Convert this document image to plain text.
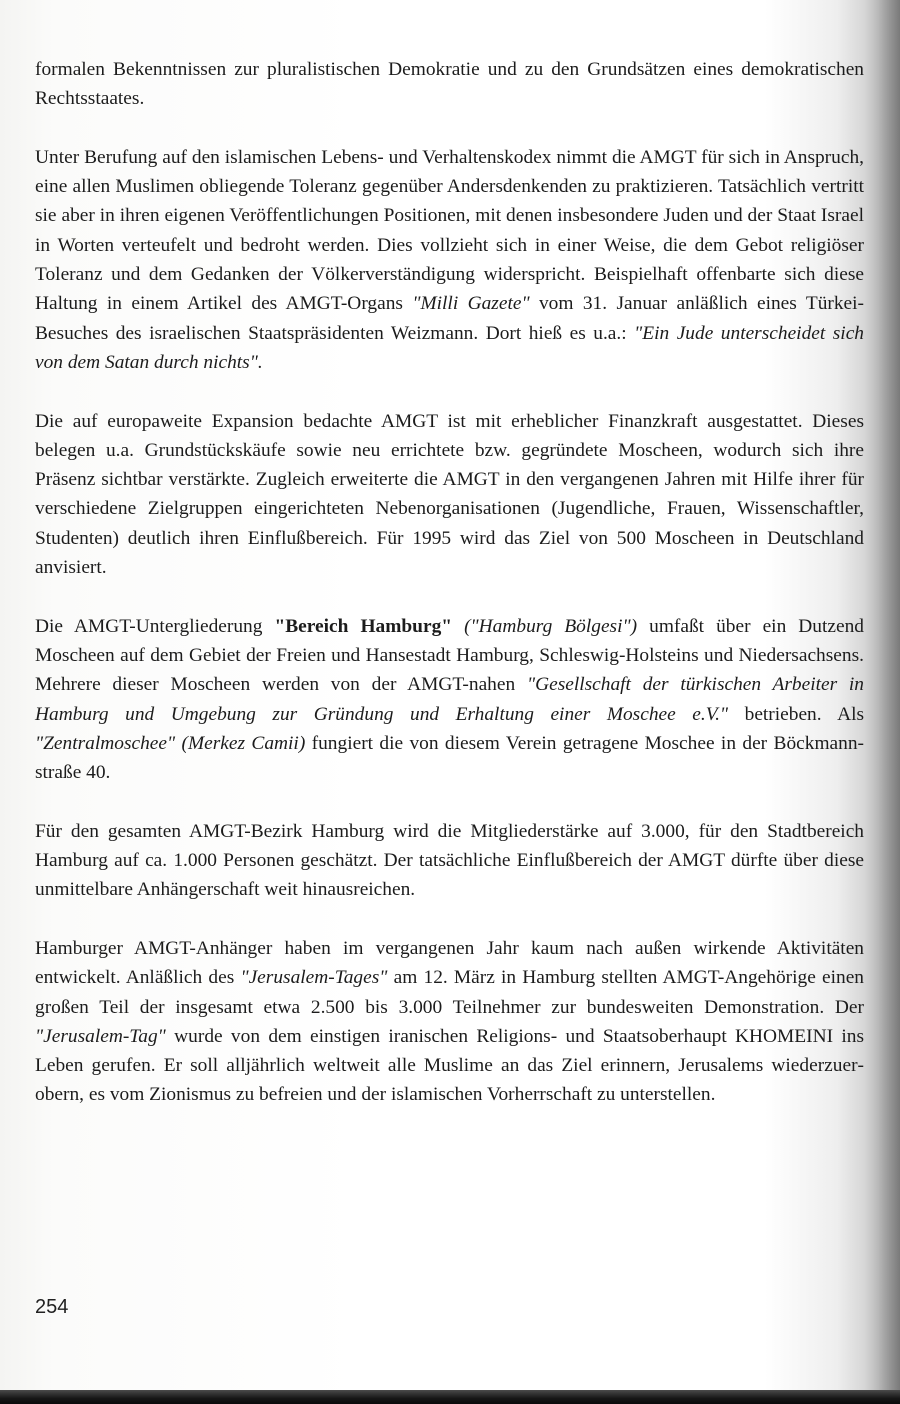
formalen Bekenntnissen zur pluralistischen Demokratie und zu den Grundsätzen eines demokratischen Rechtsstaates.

Unter Berufung auf den islamischen Lebens- und Verhaltenskodex nimmt die AMGT für sich in Anspruch, eine allen Muslimen obliegende Toleranz gegenüber Andersdenkenden zu praktizieren. Tatsächlich vertritt sie aber in ihren eigenen Veröffentlichungen Positionen, mit denen insbesondere Juden und der Staat Israel in Worten verteufelt und bedroht werden. Dies vollzieht sich in einer Weise, die dem Gebot religiöser Toleranz und dem Gedanken der Völkerverständigung widerspricht. Beispielhaft offenbarte sich diese Haltung in einem Artikel des AMGT-Organs "Milli Gazete" vom 31. Januar anläßlich eines Türkei-Besuches des israelischen Staatspräsidenten Weizmann. Dort hieß es u.a.: "Ein Jude unterscheidet sich von dem Satan durch nichts".

Die auf europaweite Expansion bedachte AMGT ist mit erheblicher Finanzkraft ausgestattet. Dieses belegen u.a. Grundstückskäufe sowie neu errichtete bzw. gegründete Moscheen, wodurch sich ihre Präsenz sichtbar verstärkte. Zugleich erweiterte die AMGT in den vergangenen Jahren mit Hilfe ihrer für verschiedene Zielgruppen eingerichteten Nebenorganisationen (Jugendliche, Frauen, Wissenschaftler, Studenten) deutlich ihren Einflußbereich. Für 1995 wird das Ziel von 500 Moscheen in Deutschland anvisiert.

Die AMGT-Untergliederung "Bereich Hamburg" ("Hamburg Bölgesi") umfaßt über ein Dutzend Moscheen auf dem Gebiet der Freien und Hansestadt Hamburg, Schleswig-Holsteins und Niedersachsens. Mehrere dieser Moscheen werden von der AMGT-nahen "Gesellschaft der türkischen Arbeiter in Hamburg und Umgebung zur Gründung und Erhaltung einer Moschee e.V." betrieben. Als "Zentralmoschee" (Merkez Camii) fungiert die von diesem Verein getragene Moschee in der Böckmannstraße 40.

Für den gesamten AMGT-Bezirk Hamburg wird die Mitgliederstärke auf 3.000, für den Stadtbereich Hamburg auf ca. 1.000 Personen geschätzt. Der tatsächliche Einflußbereich der AMGT dürfte über diese unmittelbare Anhängerschaft weit hinausreichen.

Hamburger AMGT-Anhänger haben im vergangenen Jahr kaum nach außen wirkende Aktivitäten entwickelt. Anläßlich des "Jerusalem-Tages" am 12. März in Hamburg stellten AMGT-Angehörige einen großen Teil der insgesamt etwa 2.500 bis 3.000 Teilnehmer zur bundesweiten Demonstration. Der "Jerusalem-Tag" wurde von dem einstigen iranischen Religions- und Staatsoberhaupt KHOMEINI ins Leben gerufen. Er soll alljährlich weltweit alle Muslime an das Ziel erinnern, Jerusalems wiederzuerobern, es vom Zionismus zu befreien und der islamischen Vorherrschaft zu unterstellen.

254
